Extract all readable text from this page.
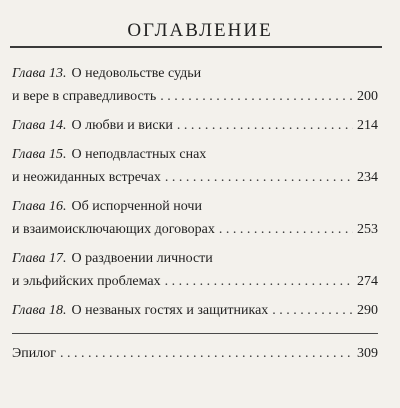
ОГЛАВЛЕНИЕ
Глава 13. О недовольстве судьи
и вере в справедливость . . .	200
Глава 14. О любви и виски . . .	214
Глава 15. О неподвластных снах
и неожиданных встречах . . .	234
Глава 16. Об испорченной ночи
и взаимоисключающих договорах . . .	253
Глава 17. О раздвоении личности
и эльфийских проблемах . . .	274
Глава 18. О незваных гостях и защитниках . . .	290
Эпилог . . .	309
